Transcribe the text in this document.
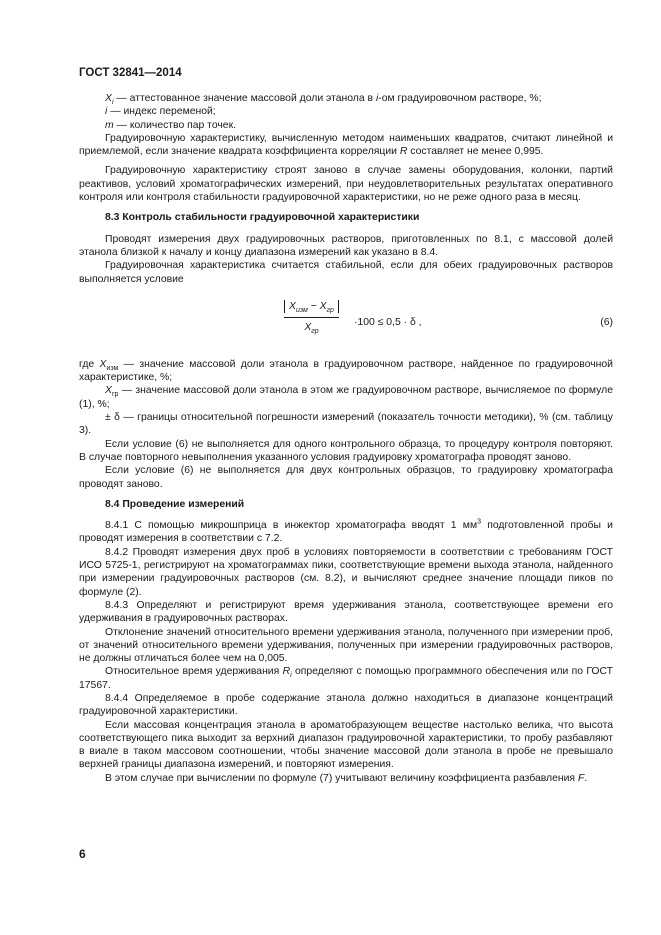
ГОСТ 32841—2014

$X_i$ — аттестованное значение массовой доли этанола в i-ом градуировочном растворе, %;

i — индекс переменой;

m — количество пар точек.

Градуировочную характеристику, вычисленную методом наименьших квадратов, считают линейной и приемлемой, если значение квадрата коэффициента корреляции R составляет не менее 0,995.

Градуировочную характеристику строят заново в случае замены оборудования, колонки, партий реактивов, условий хроматографических измерений, при неудовлетворительных результатах оперативного контроля или контроля стабильности градуировочной характеристики, но не реже одного раза в месяц.

8.3 Контроль стабильности градуировочной характеристики

Проводят измерения двух градуировочных растворов, приготовленных по 8.1, с массовой долей этанола близкой к началу и концу диапазона измерений как указано в 8.4.

Градуировочная характеристика считается стабильной, если для обеих градуировочных растворов выполняется условие

$X_{изм} - X_{гр}$
$X_{гр}$
·100 ≤ 0,5 · δ ,	(6)

где $X_{изм}$ — значение массовой доли этанола в градуировочном растворе, найденное по градуировочной характеристике, %;

$X_{гр}$ — значение массовой доли этанола в этом же градуировочном растворе, вычисляемое по формуле (1), %;

± δ — границы относительной погрешности измерений (показатель точности методики), % (см. таблицу 3).

Если условие (6) не выполняется для одного контрольного образца, то процедуру контроля повторяют. В случае повторного невыполнения указанного условия градуировку хроматографа проводят заново.

Если условие (6) не выполняется для двух контрольных образцов, то градуировку хроматографа проводят заново.

8.4 Проведение измерений

8.4.1 С помощью микрошприца в инжектор хроматографа вводят 1 $мм^3$ подготовленной пробы и проводят измерения в соответствии с 7.2.

8.4.2 Проводят измерения двух проб в условиях повторяемости в соответствии с требованиям ГОСТ ИСО 5725-1, регистрируют на хроматограммах пики, соответствующие времени выхода этанола, найденного при измерении градуировочных растворов (см. 8.2), и вычисляют среднее значение площади пиков по формуле (2).

8.4.3 Определяют и регистрируют время удерживания этанола, соответствующее времени его удерживания в градуировочных растворах.

Отклонение значений относительного времени удерживания этанола, полученного при измерении проб, от значений относительного времени удерживания, полученных при измерении градуировочных растворов, не должны отличаться более чем на 0,005.

Относительное время удерживания $R_i$ определяют с помощью программного обеспечения или по ГОСТ 17567.

8.4.4 Определяемое в пробе содержание этанола должно находиться в диапазоне концентраций градуировочной характеристики.

Если массовая концентрация этанола в ароматобразующем веществе настолько велика, что высота соответствующего пика выходит за верхний диапазон градуировочной характеристики, то пробу разбавляют в виале в таком массовом соотношении, чтобы значение массовой доли этанола в пробе не превышало верхней границы диапазона измерений, и повторяют измерения.

В этом случае при вычислении по формуле (7) учитывают величину коэффициента разбавления F.

6
